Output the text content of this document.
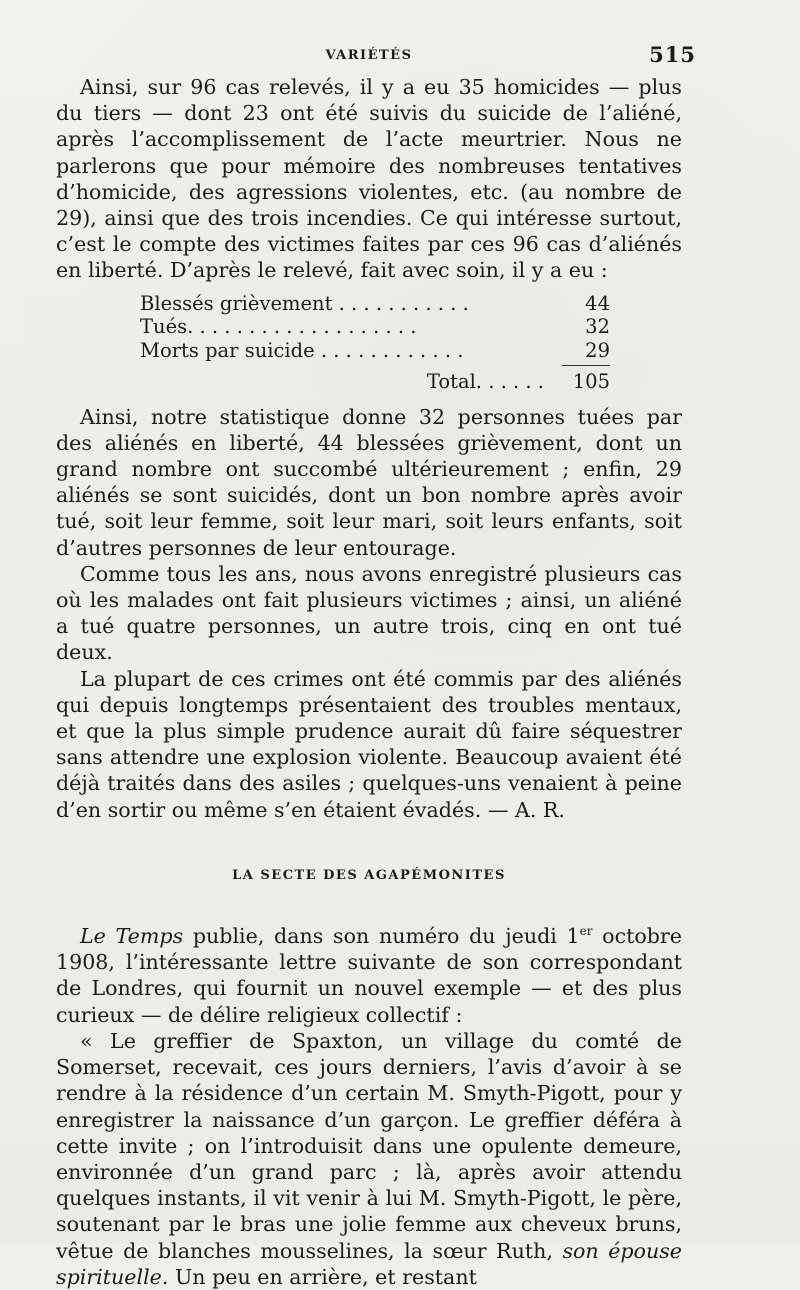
VARIÉTÉS	515

Ainsi, sur 96 cas relevés, il y a eu 35 homicides — plus du tiers — dont 23 ont été suivis du suicide de l’aliéné, après l’accomplissement de l’acte meurtrier. Nous ne parlerons que pour mémoire des nombreuses tentatives d’homicide, des agressions violentes, etc. (au nombre de 29), ainsi que des trois incendies. Ce qui intéresse surtout, c’est le compte des victimes faites par ces 96 cas d’aliénés en liberté. D’après le relevé, fait avec soin, il y a eu :

Blessés grièvement . . . . . . . . . . .	44
Tués. . . . . . . . . . . . . . . . . . .	32
Morts par suicide . . . . . . . . . . . .	29
Total. . . . . .	105

Ainsi, notre statistique donne 32 personnes tuées par des aliénés en liberté, 44 blessées grièvement, dont un grand nombre ont succombé ultérieurement ; enfin, 29 aliénés se sont suicidés, dont un bon nombre après avoir tué, soit leur femme, soit leur mari, soit leurs enfants, soit d’autres personnes de leur entourage.

Comme tous les ans, nous avons enregistré plusieurs cas où les malades ont fait plusieurs victimes ; ainsi, un aliéné a tué quatre personnes, un autre trois, cinq en ont tué deux.

La plupart de ces crimes ont été commis par des aliénés qui depuis longtemps présentaient des troubles mentaux, et que la plus simple prudence aurait dû faire séquestrer sans attendre une explosion violente. Beaucoup avaient été déjà traités dans des asiles ; quelques-uns venaient à peine d’en sortir ou même s’en étaient évadés. — A. R.

LA SECTE DES AGAPÉMONITES

Le Temps publie, dans son numéro du jeudi 1er octobre 1908, l’intéressante lettre suivante de son correspondant de Londres, qui fournit un nouvel exemple — et des plus curieux — de délire religieux collectif :

« Le greffier de Spaxton, un village du comté de Somerset, recevait, ces jours derniers, l’avis d’avoir à se rendre à la résidence d’un certain M. Smyth-Pigott, pour y enregistrer la naissance d’un garçon. Le greffier déféra à cette invite ; on l’introduisit dans une opulente demeure, environnée d’un grand parc ; là, après avoir attendu quelques instants, il vit venir à lui M. Smyth-Pigott, le père, soutenant par le bras une jolie femme aux cheveux bruns, vêtue de blanches mousselines, la sœur Ruth, son épouse spirituelle. Un peu en arrière, et restant
